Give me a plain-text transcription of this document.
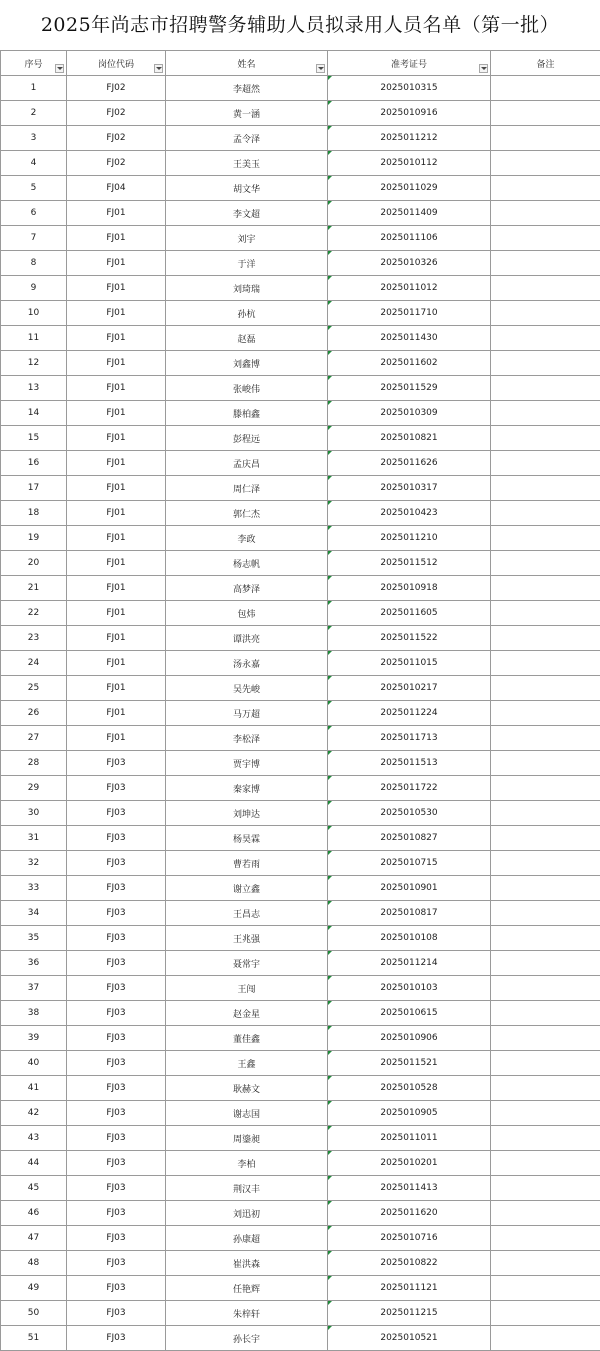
2025年尚志市招聘警务辅助人员拟录用人员名单（第一批）
序号	岗位代码	姓名	准考证号	备注
1	FJ02	李超然	2025010315

2	FJ02	黄一涵	2025010916

3	FJ02	孟令泽	2025011212

4	FJ02	王美玉	2025010112

5	FJ04	胡文华	2025011029

6	FJ01	李文超	2025011409

7	FJ01	刘宇	2025011106

8	FJ01	于洋	2025010326

9	FJ01	刘琦瑞	2025011012

10	FJ01	孙杭	2025011710

11	FJ01	赵磊	2025011430

12	FJ01	刘鑫博	2025011602

13	FJ01	张峻伟	2025011529

14	FJ01	滕柏鑫	2025010309

15	FJ01	彭程远	2025010821

16	FJ01	孟庆昌	2025011626

17	FJ01	周仁泽	2025010317

18	FJ01	郭仁杰	2025010423

19	FJ01	李政	2025011210

20	FJ01	杨志帆	2025011512

21	FJ01	高梦泽	2025010918

22	FJ01	包炜	2025011605

23	FJ01	谭洪亮	2025011522

24	FJ01	汤永嘉	2025011015

25	FJ01	吴先峻	2025010217

26	FJ01	马万超	2025011224

27	FJ01	李松泽	2025011713

28	FJ03	贾宇博	2025011513

29	FJ03	秦家博	2025011722

30	FJ03	刘坤达	2025010530

31	FJ03	杨昊霖	2025010827

32	FJ03	曹若雨	2025010715

33	FJ03	谢立鑫	2025010901

34	FJ03	王昌志	2025010817

35	FJ03	王兆强	2025010108

36	FJ03	聂常宇	2025011214

37	FJ03	王闯	2025010103

38	FJ03	赵金星	2025010615

39	FJ03	董佳鑫	2025010906

40	FJ03	王鑫	2025011521

41	FJ03	耿赫文	2025010528

42	FJ03	谢志国	2025010905

43	FJ03	周鎏昶	2025011011

44	FJ03	李柏	2025010201

45	FJ03	荆汉丰	2025011413

46	FJ03	刘迅初	2025011620

47	FJ03	孙康超	2025010716

48	FJ03	崔洪森	2025010822

49	FJ03	任艳辉	2025011121

50	FJ03	朱梓轩	2025011215

51	FJ03	孙长宇	2025010521
